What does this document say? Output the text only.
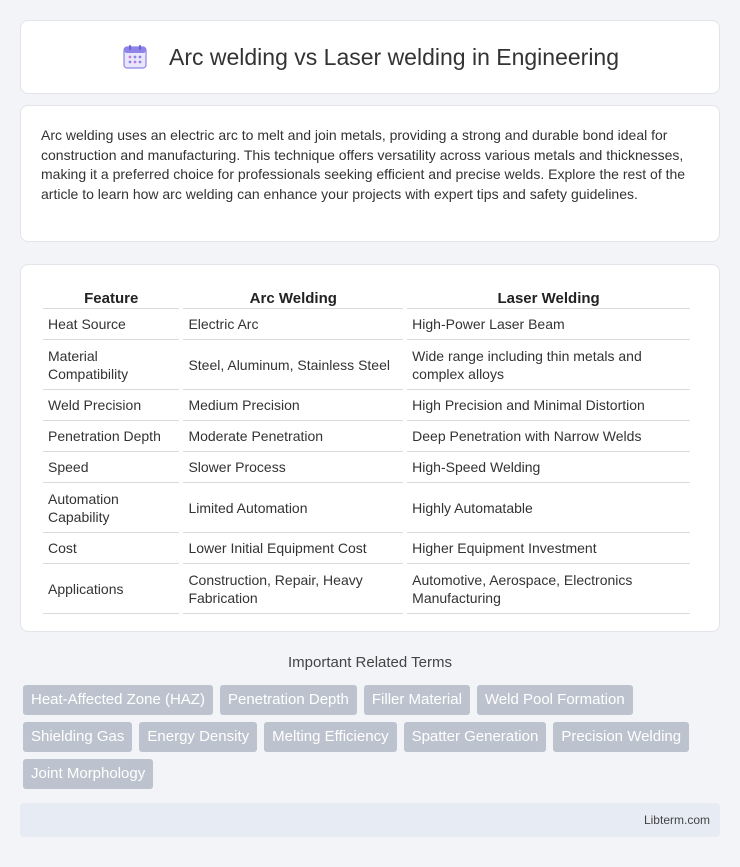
Arc welding vs Laser welding in Engineering

Arc welding uses an electric arc to melt and join metals, providing a strong and durable bond ideal for construction and manufacturing. This technique offers versatility across various metals and thicknesses, making it a preferred choice for professionals seeking efficient and precise welds. Explore the rest of the article to learn how arc welding can enhance your projects with expert tips and safety guidelines.

Feature	Arc Welding	Laser Welding
Heat Source	Electric Arc	High-Power Laser Beam
Material Compatibility	Steel, Aluminum, Stainless Steel	Wide range including thin metals and complex alloys
Weld Precision	Medium Precision	High Precision and Minimal Distortion
Penetration Depth	Moderate Penetration	Deep Penetration with Narrow Welds
Speed	Slower Process	High-Speed Welding
Automation Capability	Limited Automation	Highly Automatable
Cost	Lower Initial Equipment Cost	Higher Equipment Investment
Applications	Construction, Repair, Heavy Fabrication	Automotive, Aerospace, Electronics Manufacturing
Important Related Terms
Heat-Affected Zone (HAZ)	Penetration Depth	Filler Material	Weld Pool Formation
Shielding Gas	Energy Density	Melting Efficiency	Spatter Generation	Precision Welding
Joint Morphology
Libterm.com
